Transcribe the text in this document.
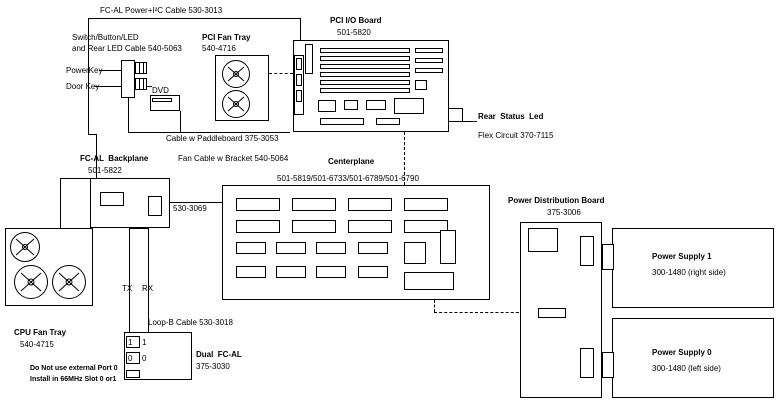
FC-AL Power+I²C Cable 530-3013
Switch/Button/LED
and Rear LED Cable 540-5063
PowerKey
Door Key	DVD
Cable w Paddleboard 375-3053
PCI Fan Tray
540-4716
PCI I/O Board
501-5820
Rear  Status  Led
Flex Circuit 370-7115
FC-AL  Backplane
501-5822
Fan Cable w Bracket 540-5064
530-3069
CPU Fan Tray
540-4715
Centerplane
501-5819/501-6733/501-6789/501-6790
Power Distribution Board
375-3006
Power Supply 1
300-1480 (right side)
Power Supply 0
300-1480 (left side)
TX RX
Loop-B Cable 530-3018
1 1
0 0	Dual  FC-AL
375-3030
Do Not use external Port 0
Install in 66MHz Slot 0 or1
